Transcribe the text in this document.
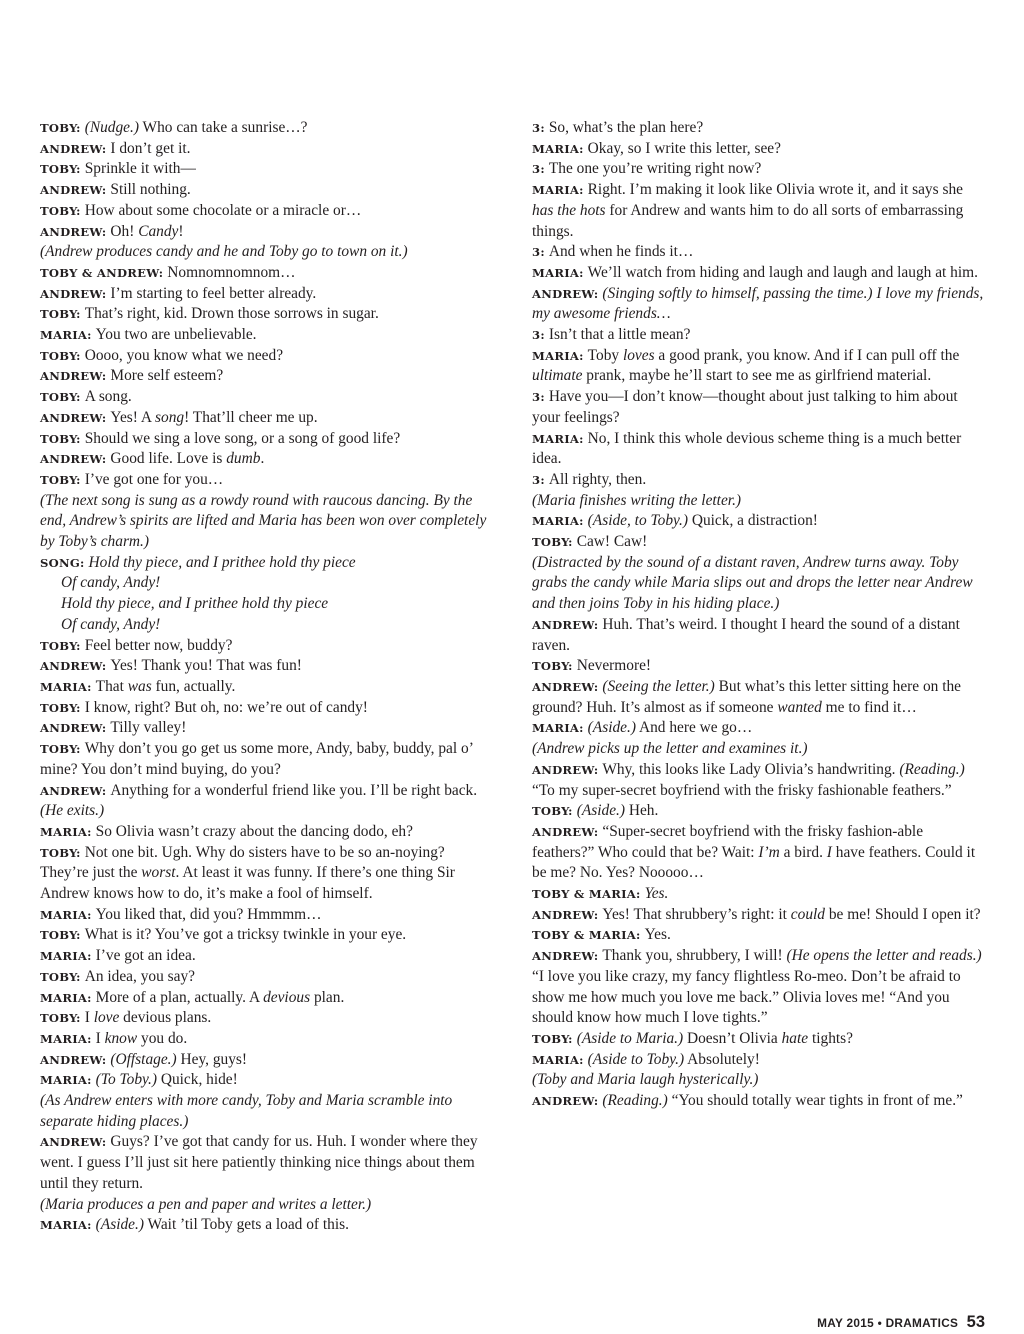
TOBY: (Nudge.) Who can take a sunrise…?

ANDREW: I don’t get it.

TOBY: Sprinkle it with—

ANDREW: Still nothing.

TOBY: How about some chocolate or a miracle or…

ANDREW: Oh! Candy!

(Andrew produces candy and he and Toby go to town on it.)

TOBY & ANDREW: Nomnomnomnom…

ANDREW: I’m starting to feel better already.

TOBY: That’s right, kid. Drown those sorrows in sugar.

MARIA: You two are unbelievable.

TOBY: Oooo, you know what we need?

ANDREW: More self esteem?

TOBY: A song.

ANDREW: Yes! A song! That’ll cheer me up.

TOBY: Should we sing a love song, or a song of good life?

ANDREW: Good life. Love is dumb.

TOBY: I’ve got one for you…

(The next song is sung as a rowdy round with raucous dancing. By the end, Andrew’s spirits are lifted and Maria has been won over completely by Toby’s charm.)

SONG: Hold thy piece, and I prithee hold thy piece

Of candy, Andy!

Hold thy piece, and I prithee hold thy piece

Of candy, Andy!

TOBY: Feel better now, buddy?

ANDREW: Yes! Thank you! That was fun!

MARIA: That was fun, actually.

TOBY: I know, right? But oh, no: we’re out of candy!

ANDREW: Tilly valley!

TOBY: Why don’t you go get us some more, Andy, baby, buddy, pal o’ mine? You don’t mind buying, do you?

ANDREW: Anything for a wonderful friend like you. I’ll be right back. (He exits.)

MARIA: So Olivia wasn’t crazy about the dancing dodo, eh?

TOBY: Not one bit. Ugh. Why do sisters have to be so an-noying? They’re just the worst. At least it was funny. If there’s one thing Sir Andrew knows how to do, it’s make a fool of himself.

MARIA: You liked that, did you? Hmmmm…

TOBY: What is it? You’ve got a tricksy twinkle in your eye.

MARIA: I’ve got an idea.

TOBY: An idea, you say?

MARIA: More of a plan, actually. A devious plan.

TOBY: I love devious plans.

MARIA: I know you do.

ANDREW: (Offstage.) Hey, guys!

MARIA: (To Toby.) Quick, hide!

(As Andrew enters with more candy, Toby and Maria scramble into separate hiding places.)

ANDREW: Guys? I’ve got that candy for us. Huh. I wonder where they went. I guess I’ll just sit here patiently thinking nice things about them until they return.

(Maria produces a pen and paper and writes a letter.)

MARIA: (Aside.) Wait ’til Toby gets a load of this.

3: So, what’s the plan here?

MARIA: Okay, so I write this letter, see?

3: The one you’re writing right now?

MARIA: Right. I’m making it look like Olivia wrote it, and it says she has the hots for Andrew and wants him to do all sorts of embarrassing things.

3: And when he finds it…

MARIA: We’ll watch from hiding and laugh and laugh and laugh at him.

ANDREW: (Singing softly to himself, passing the time.) I love my friends, my awesome friends…

3: Isn’t that a little mean?

MARIA: Toby loves a good prank, you know. And if I can pull off the ultimate prank, maybe he’ll start to see me as girlfriend material.

3: Have you—I don’t know—thought about just talking to him about your feelings?

MARIA: No, I think this whole devious scheme thing is a much better idea.

3: All righty, then.

(Maria finishes writing the letter.)

MARIA: (Aside, to Toby.) Quick, a distraction!

TOBY: Caw! Caw!

(Distracted by the sound of a distant raven, Andrew turns away. Toby grabs the candy while Maria slips out and drops the letter near Andrew and then joins Toby in his hiding place.)

ANDREW: Huh. That’s weird. I thought I heard the sound of a distant raven.

TOBY: Nevermore!

ANDREW: (Seeing the letter.) But what’s this letter sitting here on the ground? Huh. It’s almost as if someone wanted me to find it…

MARIA: (Aside.) And here we go…

(Andrew picks up the letter and examines it.)

ANDREW: Why, this looks like Lady Olivia’s handwriting. (Reading.) “To my super-secret boyfriend with the frisky fashionable feathers.”

TOBY: (Aside.) Heh.

ANDREW: “Super-secret boyfriend with the frisky fashion-able feathers?” Who could that be? Wait: I’m a bird. I have feathers. Could it be me? No. Yes? Nooooo…

TOBY & MARIA: Yes.

ANDREW: Yes! That shrubbery’s right: it could be me! Should I open it?

TOBY & MARIA: Yes.

ANDREW: Thank you, shrubbery, I will! (He opens the letter and reads.) “I love you like crazy, my fancy flightless Ro-meo. Don’t be afraid to show me how much you love me back.” Olivia loves me! “And you should know how much I love tights.”

TOBY: (Aside to Maria.) Doesn’t Olivia hate tights?

MARIA: (Aside to Toby.) Absolutely!

(Toby and Maria laugh hysterically.)

ANDREW: (Reading.) “You should totally wear tights in front of me.”

MAY 2015 • DRAMATICS 53
